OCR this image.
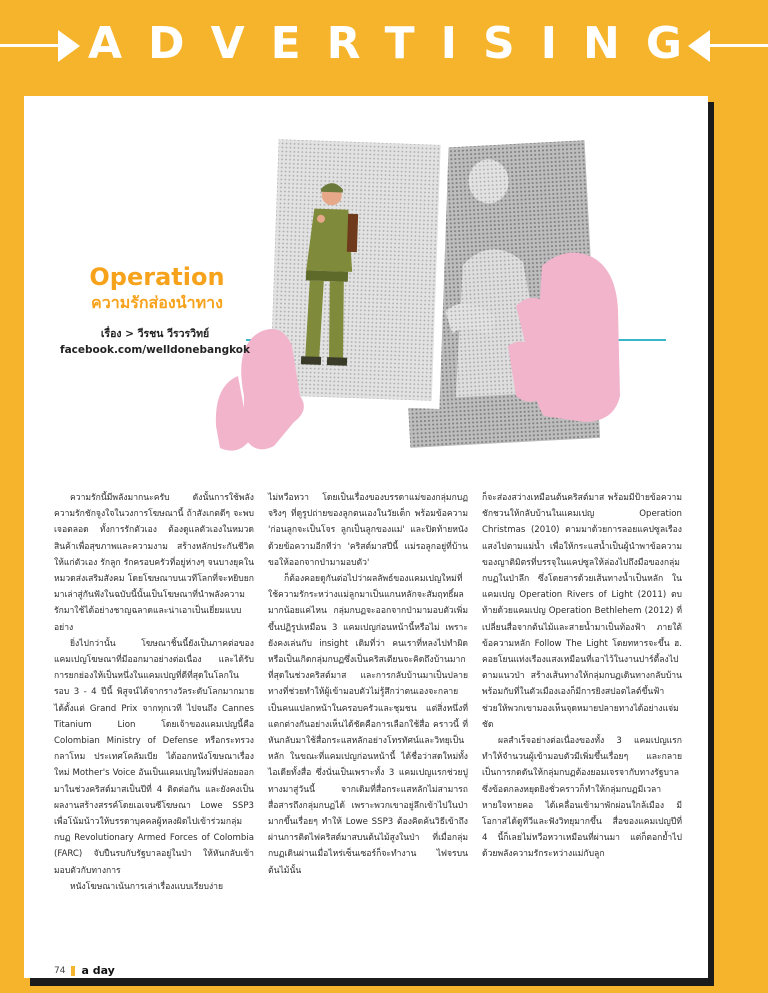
ADVERTISING
Operation
ความรักส่องนำทาง
เรื่อง > วีรชน วีรวรวิทย์
facebook.com/welldonebangkok

ความรักนี้มีพลังมากนะครับ ดังนั้นการใช้พลังความรักชักจูงใจในวงการโฆษณานี้ ถ้าสังเกตดีๆ จะพบเจอตลอด ทั้งการรักตัวเอง ต้องดูแลตัวเองในหมวดสินค้าเพื่อสุขภาพและความงาม สร้างหลักประกันชีวิตให้แก่ตัวเอง รักลูก รักครอบครัวที่อยู่ห่างๆ จนบางยุคในหมวดส่งเสริมสังคม โดยโฆษณาบนเวทีโลกที่จะหยิบยกมาเล่าสู่กันฟังในฉบับนี้นั้นเป็นโฆษณาที่นำพลังความรักมาใช้ได้อย่างชาญฉลาดและน่าเอาเป็นเยี่ยมแบบอย่าง

ยิ่งไปกว่านั้น โฆษณาชิ้นนี้ยังเป็นภาคต่อของแคมเปญโฆษณาที่มีออกมาอย่างต่อเนื่อง และได้รับการยกย่องให้เป็นหนึ่งในแคมเปญที่ดีที่สุดในโลกในรอบ 3 - 4 ปีนี้ พิสูจน์ได้จากรางวัลระดับโลกมากมายได้ตั้งแต่ Grand Prix จากทุกเวที ไปจนถึง Cannes Titanium Lion โดยเจ้าของแคมเปญนี้คือ Colombian Ministry of Defense หรือกระทรวงกลาโหม ประเทศโคลัมเบีย ได้ออกหนังโฆษณาเรื่องใหม่ Mother's Voice อันเป็นแคมเปญใหม่ที่ปล่อยออกมาในช่วงคริสต์มาสเป็นปีที่ 4 ติดต่อกัน และยังคงเป็นผลงานสร้างสรรค์โดยเอเจนซีโฆษณา Lowe SSP3 เพื่อโน้มน้าวให้บรรดาบุคคลผู้หลงผิดไปเข้าร่วมกลุ่มกบฏ Revolutionary Armed Forces of Colombia (FARC) จับปืนรบกับรัฐบาลอยู่ในป่า ให้หันกลับเข้ามอบตัวกับทางการ

หนังโฆษณาเน้นการเล่าเรื่องแบบเรียบง่าย

ไม่หวือหวา โดยเป็นเรื่องของบรรดาแม่ของกลุ่มกบฏจริงๆ ที่ดูรูปถ่ายของลูกตนเองในวัยเด็ก พร้อมข้อความ 'ก่อนลูกจะเป็นโจร ลูกเป็นลูกของแม่' และปิดท้ายหนังด้วยข้อความอีกทีว่า 'คริสต์มาสปีนี้ แม่รอลูกอยู่ที่บ้าน ขอให้ออกจากป่ามามอบตัว'

ก็ต้องคอยดูกันต่อไปว่าผลลัพธ์ของแคมเปญใหม่ที่ใช้ความรักระหว่างแม่ลูกมาเป็นแกนหลักจะสัมฤทธิ์ผลมากน้อยแค่ไหน กลุ่มกบฏจะออกจากป่ามามอบตัวเพิ่มขึ้นปฏิรูปเหมือน 3 แคมเปญก่อนหน้านี้หรือไม่ เพราะยังคงเล่นกับ insight เดิมที่ว่า คนเราที่หลงไปทำผิดหรือเป็นเกิดกลุ่มกบฏซึ่งเป็นคริสเตียนจะคิดถึงบ้านมากที่สุดในช่วงคริสต์มาส และการกลับบ้านมาเป็นปลายทางที่ช่วยทำให้ผู้เข้ามอบตัวไม่รู้สึกว่าตนเองจะกลายเป็นคนแปลกหน้าในครอบครัวและชุมชน แต่สิ่งหนึ่งที่แตกต่างกันอย่างเห็นได้ชัดคือการเลือกใช้สื่อ คราวนี้ ที่หันกลับมาใช้สื่อกระแสหลักอย่างโทรทัศน์และวิทยุเป็นหลัก ในขณะที่แคมเปญก่อนหน้านี้ ได้ชื่อว่าสดใหม่ทั้งไอเดียทั้งสื่อ ซึ่งนั่นเป็นเพราะทั้ง 3 แคมเปญแรกช่วยปูทางมาสู่วันนี้ จากเดิมที่สื่อกระแสหลักไม่สามารถสื่อสารถึงกลุ่มกบฏได้ เพราะพวกเขาอยู่ลึกเข้าไปในป่ามากขึ้นเรื่อยๆ ทำให้ Lowe SSP3 ต้องคิดค้นวิธีเข้าถึงผ่านการติดไฟคริสต์มาสบนต้นไม้สูงในป่า ที่เมื่อกลุ่มกบฏเดินผ่านเมื่อไหร่เซ็นเซอร์ก็จะทำงาน ไฟจรบนต้นไม้นั้น

ก็จะส่องสว่างเหมือนต้นคริสต์มาส พร้อมมีป้ายข้อความชักชวนให้กลับบ้านในแคมเปญ Operation Christmas (2010) ตามมาด้วยการลอยแคปซูลเรืองแสงไปตามแม่น้ำ เพื่อให้กระแสน้ำเป็นผู้นำพาข้อความของญาติมิตรที่บรรจุในแคปซูลให้ล่องไปถึงมือของกลุ่มกบฏในป่าลึก ซึ่งโดยสารด้วยเส้นทางน้ำเป็นหลัก ในแคมเปญ Operation Rivers of Light (2011) ตบท้ายด้วยแคมเปญ Operation Bethlehem (2012) ที่เปลี่ยนสื่อจากต้นไม้และสายน้ำมาเป็นท้องฟ้า ภายใต้ข้อความหลัก Follow The Light โดยทหารจะขึ้น ฮ. คอยโยนแท่งเรืองแสงเหมือนที่เอาไว้ในงานปาร์ตี้ลงไปตามแนวป่า สร้างเส้นทางให้กลุ่มกบฏเดินทางกลับบ้าน พร้อมกับที่ในตัวเมืองเองก็มีการยิงสปอตไลต์ขึ้นฟ้า ช่วยให้พวกเขามองเห็นจุดหมายปลายทางได้อย่างแจ่มชัด

ผลสำเร็จอย่างต่อเนื่องของทั้ง 3 แคมเปญแรก ทำให้จำนวนผู้เข้ามอบตัวมีเพิ่มขึ้นเรื่อยๆ และกลายเป็นการกดดันให้กลุ่มกบฏต้องยอมเจรจากับทางรัฐบาล ซึ่งข้อตกลงหยุดยิงชั่วคราวก็ทำให้กลุ่มกบฏมีเวลาหายใจหายคอ ได้เคลื่อนเข้ามาพักผ่อนใกล้เมือง มีโอกาสได้ดูทีวีและฟังวิทยุมากขึ้น สื่อของแคมเปญปีที่ 4 นี้ก็เลยไม่หวือหวาเหมือนที่ผ่านมา แต่ก็ตอกย้ำไปด้วยพลังความรักระหว่างแม่กับลูก

74 a day
